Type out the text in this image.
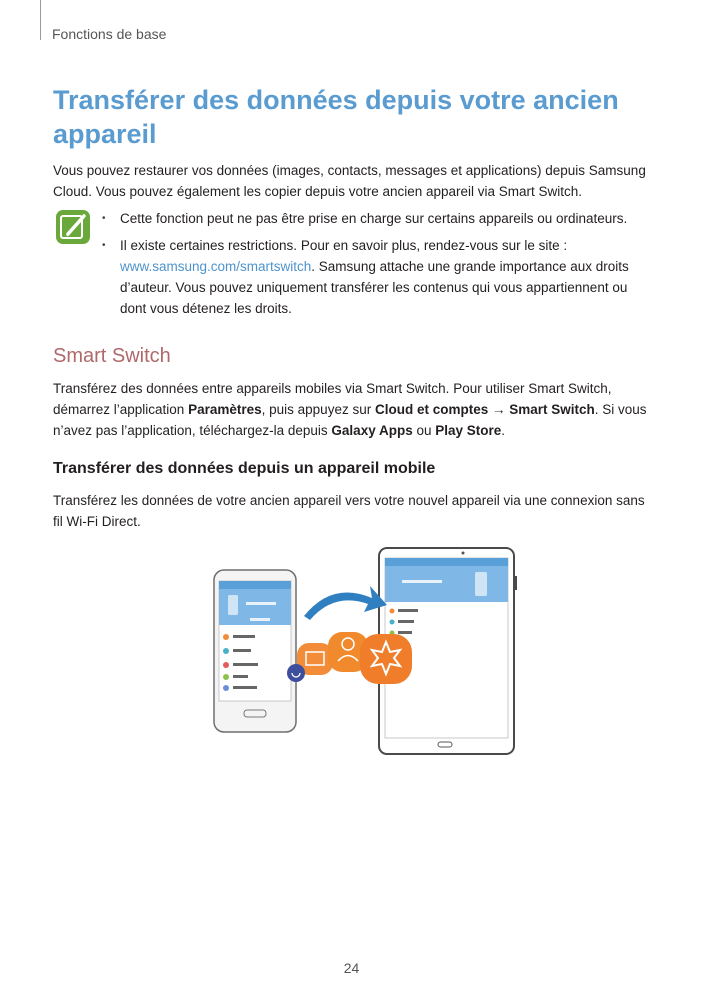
Fonctions de base
Transférer des données depuis votre ancien appareil

Vous pouvez restaurer vos données (images, contacts, messages et applications) depuis Samsung Cloud. Vous pouvez également les copier depuis votre ancien appareil via Smart Switch.

• Cette fonction peut ne pas être prise en charge sur certains appareils ou ordinateurs.
• Il existe certaines restrictions. Pour en savoir plus, rendez-vous sur le site : www.samsung.com/smartswitch. Samsung attache une grande importance aux droits d’auteur. Vous pouvez uniquement transférer les contenus qui vous appartiennent ou dont vous détenez les droits.
Smart Switch

Transférez des données entre appareils mobiles via Smart Switch. Pour utiliser Smart Switch, démarrez l’application Paramètres, puis appuyez sur Cloud et comptes → Smart Switch. Si vous n’avez pas l’application, téléchargez-la depuis Galaxy Apps ou Play Store.

Transférer des données depuis un appareil mobile

Transférez les données de votre ancien appareil vers votre nouvel appareil via une connexion sans fil Wi-Fi Direct.

24
